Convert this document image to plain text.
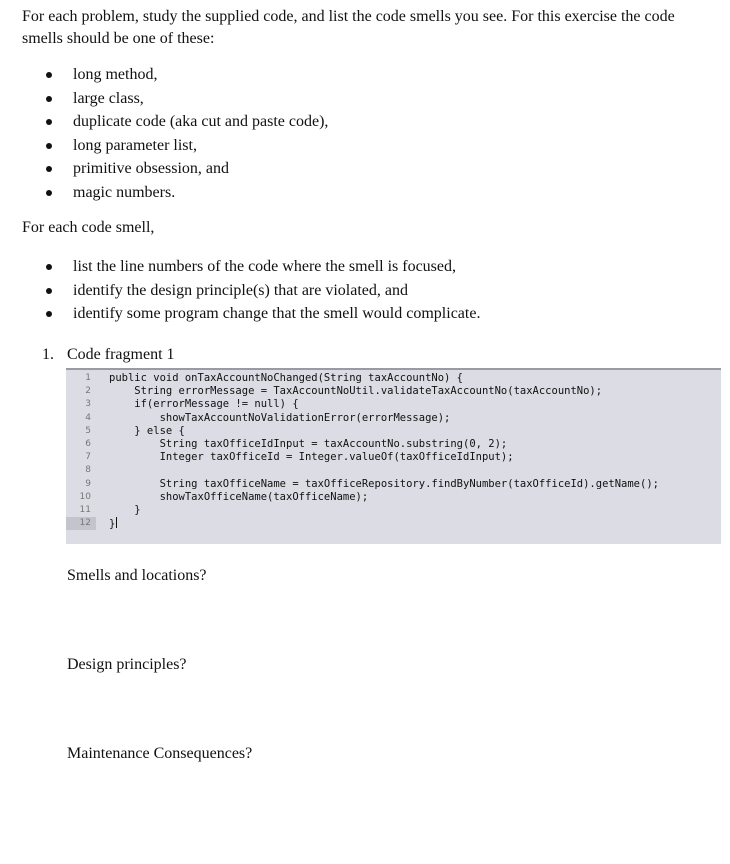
For each problem, study the supplied code, and list the code smells you see. For this exercise the code smells should be one of these:

long method,
large class,
duplicate code (aka cut and paste code),
long parameter list,
primitive obsession, and
magic numbers.

For each code smell,

list the line numbers of the code where the smell is focused,
identify the design principle(s) that are violated, and
identify some program change that the smell would complicate.
1. Code fragment 1
1
2
3
4
5
6
7
8
9
10
11
12
public void onTaxAccountNoChanged(String taxAccountNo) {
String errorMessage = TaxAccountNoUtil.validateTaxAccountNo(taxAccountNo);
if(errorMessage != null) {
showTaxAccountNoValidationError(errorMessage);
} else {
String taxOfficeIdInput = taxAccountNo.substring(0, 2);
Integer taxOfficeId = Integer.valueOf(taxOfficeIdInput);
String taxOfficeName = taxOfficeRepository.findByNumber(taxOfficeId).getName();
showTaxOfficeName(taxOfficeName);
}
}
Smells and locations?
Design principles?
Maintenance Consequences?
